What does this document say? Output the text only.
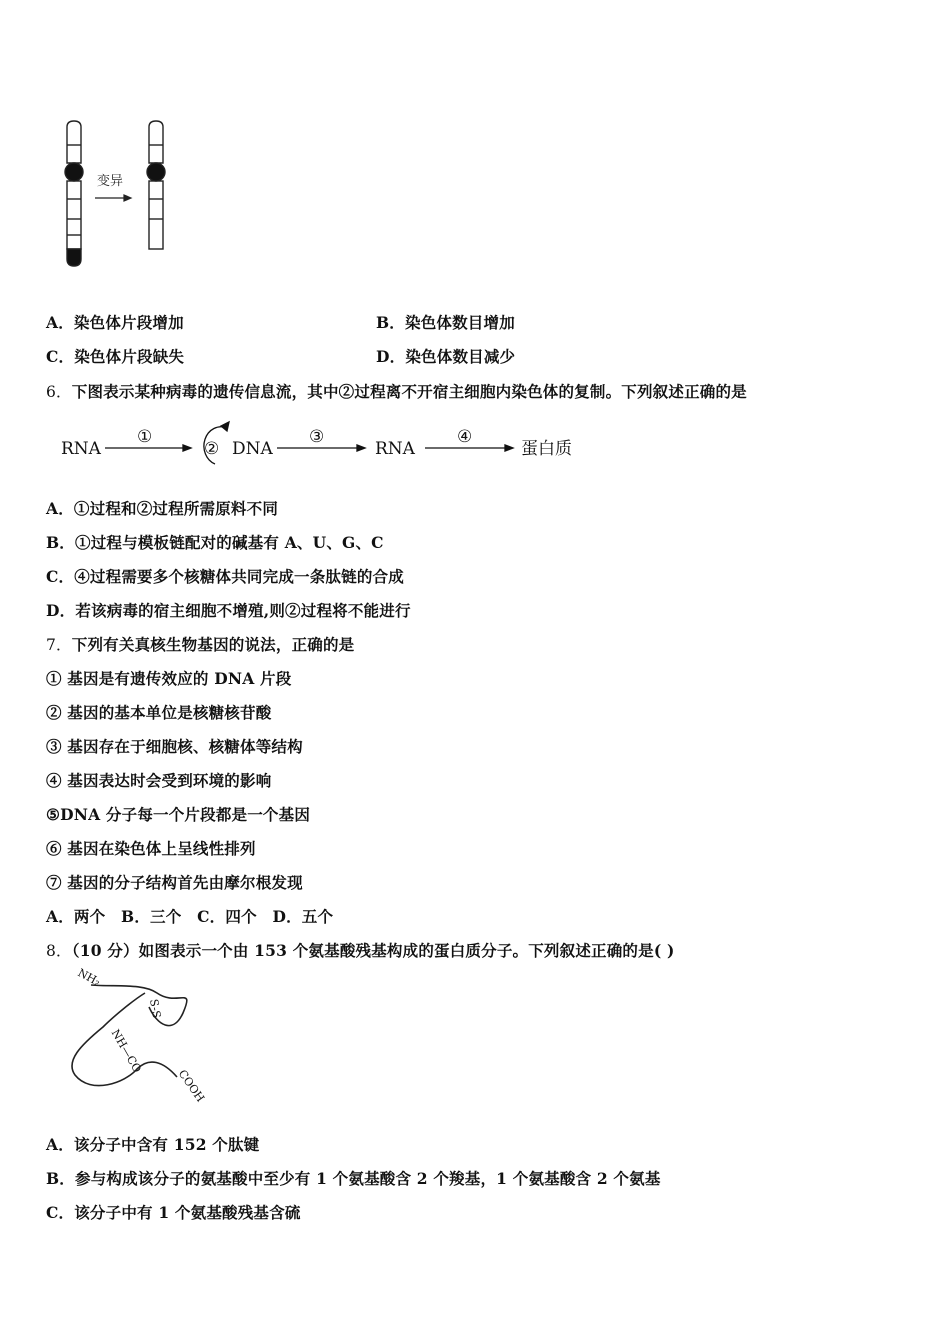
变异
A．染色体片段增加	B．染色体数目增加
C．染色体片段缺失	D．染色体数目减少
6．下图表示某种病毒的遗传信息流，其中②过程离不开宿主细胞内染色体的复制。下列叙述正确的是
RNA
①
② DNA
③
RNA
④
蛋白质
A．①过程和②过程所需原料不同
B．①过程与模板链配对的碱基有 A、U、G、C
C．④过程需要多个核糖体共同完成一条肽链的合成
D．若该病毒的宿主细胞不增殖,则②过程将不能进行
7．下列有关真核生物基因的说法，正确的是
① 基因是有遗传效应的 DNA 片段
② 基因的基本单位是核糖核苷酸
③ 基因存在于细胞核、核糖体等结构
④ 基因表达时会受到环境的影响
⑤DNA 分子每一个片段都是一个基因
⑥ 基因在染色体上呈线性排列
⑦ 基因的分子结构首先由摩尔根发现
A．两个　B．三个　C．四个　D．五个
8．（10 分）如图表示一个由 153 个氨基酸残基构成的蛋白质分子。下列叙述正确的是( )
NH₂
S-S
NH—CO
COOH
A．该分子中含有 152 个肽键
B．参与构成该分子的氨基酸中至少有 1 个氨基酸含 2 个羧基，1 个氨基酸含 2 个氨基
C．该分子中有 1 个氨基酸残基含硫
